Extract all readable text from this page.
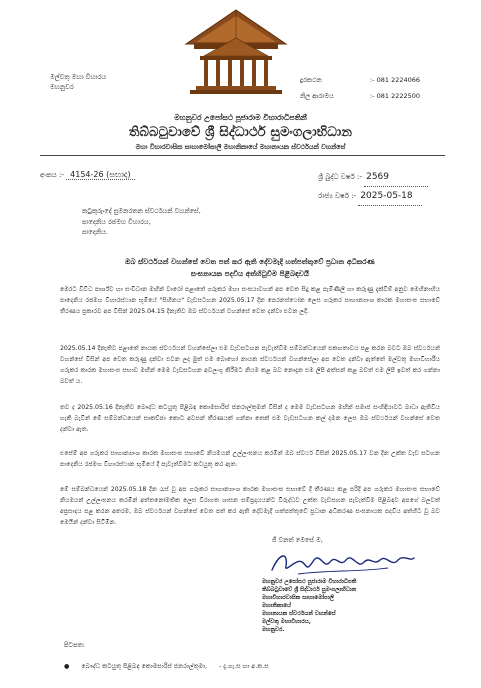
මල්වතු මහා විහාරය
මහනුවර
දුරකථන	:- 081 2224066
නිල ආරාමය	:- 081 2222500
මහනුවර උපෝසථ පූජාරාම විහාරාධිපතිනී
තිබ්බටුවාවේ ශ්‍රී සිද්ධාර්ථ සුමංගලාභිධාන
මහා විහාරවාසික සාහාමෝපාලි මහානිකායේ මහානායක ස්වර්ථයන් වහන්සේ
අංකය :- 4154-26 (සභාද)	ශ්‍රී බුද්ධ වර්ෂ :- 2569
රාජ්‍ය වර්ෂ :- 2025-05-18
කටුකුරුංදේ සුමනරතන ස්වර්ථයන් වහන්සේ,
පාදෙනිය රජමහ විහාරය,
පාදෙනිය.
ඔබ ස්වර්ථයන් වහන්සේ වෙත පත් කර ඇති දේවමැදි හත්පත්තුවේ ප්‍රධාන අධිකරණ
සංඝනායක පදවිය අත්හිටුවීම පිළිබඳවයි
මෙරට විවිධ පාර්ශ්ව හා සංවිධාන මඟින් වාරෝ පළාතේ ගරුකර මහා සංඝයාවහන් අප වෙත සිදු කළ පැමිණිලි හා කරුණු දැක්වීම් අනුව මෙහිනාහිය පාදෙනිය රජමහ විහාරස්ථාන භූමියේ "සිහිනය" වැඩසටහන 2025.05.17 දින පෙරනස්ථෝන ලෙස ගරුකර සාහාන්‍යාංශ කාරක මහාසංඝ සභාවේ තීරණය ප්‍රකාරව අප විසින් 2025.04.15 දිනැතිව ඔබ ස්වර්ථයන් වහන්සේ වෙත දන්වා එවන ලදී.
2025.05.14 දිනැතිව පළාතේ නායක ස්වර්ථයන් වහන්සේලා එම වැඩසටහන පැවැත්වීම සම්බන්ධයෙන් එකඟතාවය පළ කරන බවට ඔබ ස්වර්ථයන් වහන්සේ විසින් අප වෙත කරුණු දන්වා එවන ලද මුත් එම බොහෝ නායක ස්වර්ථයන් වහන්සේලා අප වෙත දන්වා ඇත්තේ මල්වතු මහාවිහාරීය ගරුකර කාරක මහාසංඝ සභාව මඟින් මෙම වැඩසටහන අවලංගු කිරීමට නියම කළ බව නොදැන එම ලිපි අත්සන් කළ බවත් එම ලිපි ඉවත් කර ගන්නා බවත් ය.
තව ද 2025.05.16 දිනැතිව බෞද්ධ කටයුතු පිළිබඳ කොමසාරිස් ජනරාල්තුමන් විසින් ද මෙම වැඩසටහන මඟින් සමාජ සංහිඳියාවට බාධා ඇතිවිය හැකි බැවින් මේ සම්බන්ධයෙන් සාකච්ඡා කොට අවසන් තීරණයක් ගන්නා තෙක් එම වැඩසටහන කල් දමන ලෙස ඔබ ස්වර්ථයන් වහන්සේ වෙත දන්වා ඇත.
එසේම් අප ගරුකර සාහාන්‍යාංශ කාරක මහාසංඝ සභාවේ නියමයන් උල්ලංඝනය කරමින් ඔබ ස්වර්ථ විසින් 2025.05.17 වන දින උක්ත වැඩ සටහන පාදෙනිය රජමහ විහාරස්ථාන භූමියේ දී පැවැත්වීමට කටයුතු කර ඇත.
මේ සම්බන්ධයෙන් 2025.05.18 දින රැස් වූ අප ගරුකර සාහාන්‍යාංශ කාරක මහාසංඝ සභාවේ දී තීරණය කළ පරිදි අප ගරුකර මහාසංඝ සභාවේ නියමයන් උල්ලංඝනය කරමින් අත්තනෝමතික ලෙස විරාගත ශාසන සම්ප්‍රදායයන්ට විරුද්ධව උක්ත වැඩසහන පැවැත්වීම පිළිබඳව අපගේ බලවත් අප්‍රසාදය පළ කරන අතරම, ඔබ ස්වර්ථයන් වහන්සේ වෙත පත් කර ඇති දේවමැදි හත්පත්තුවේ ප්‍රධාන අධිකරණ සංඝනායක පදවිය අත්හිට වූ බව මෙයින් දන්වා සිටිමින.
ජී වනත් මෙසේ ම,
මහනුවර උපෝසථ පූජාරාම විහාරාධිපති
තිබ්බටුවාවේ ශ්‍රී සිද්ධාර්ථ සුමංගලාභිධාන
මහාවිහාරවාසික සාහාමෝපාලි
මහානිකායේ
මහානායක ස්වර්ථයන් වහන්සේ
මල්වතු මහාවිහාරය,
මහනුවර.
පිටපත:
● බෞද්ධ කටයුතු පිළිබඳ කොමසාරිස් ජනරාල්තුමා, - දැ.ගැ.ස හා අ.ක.ස
